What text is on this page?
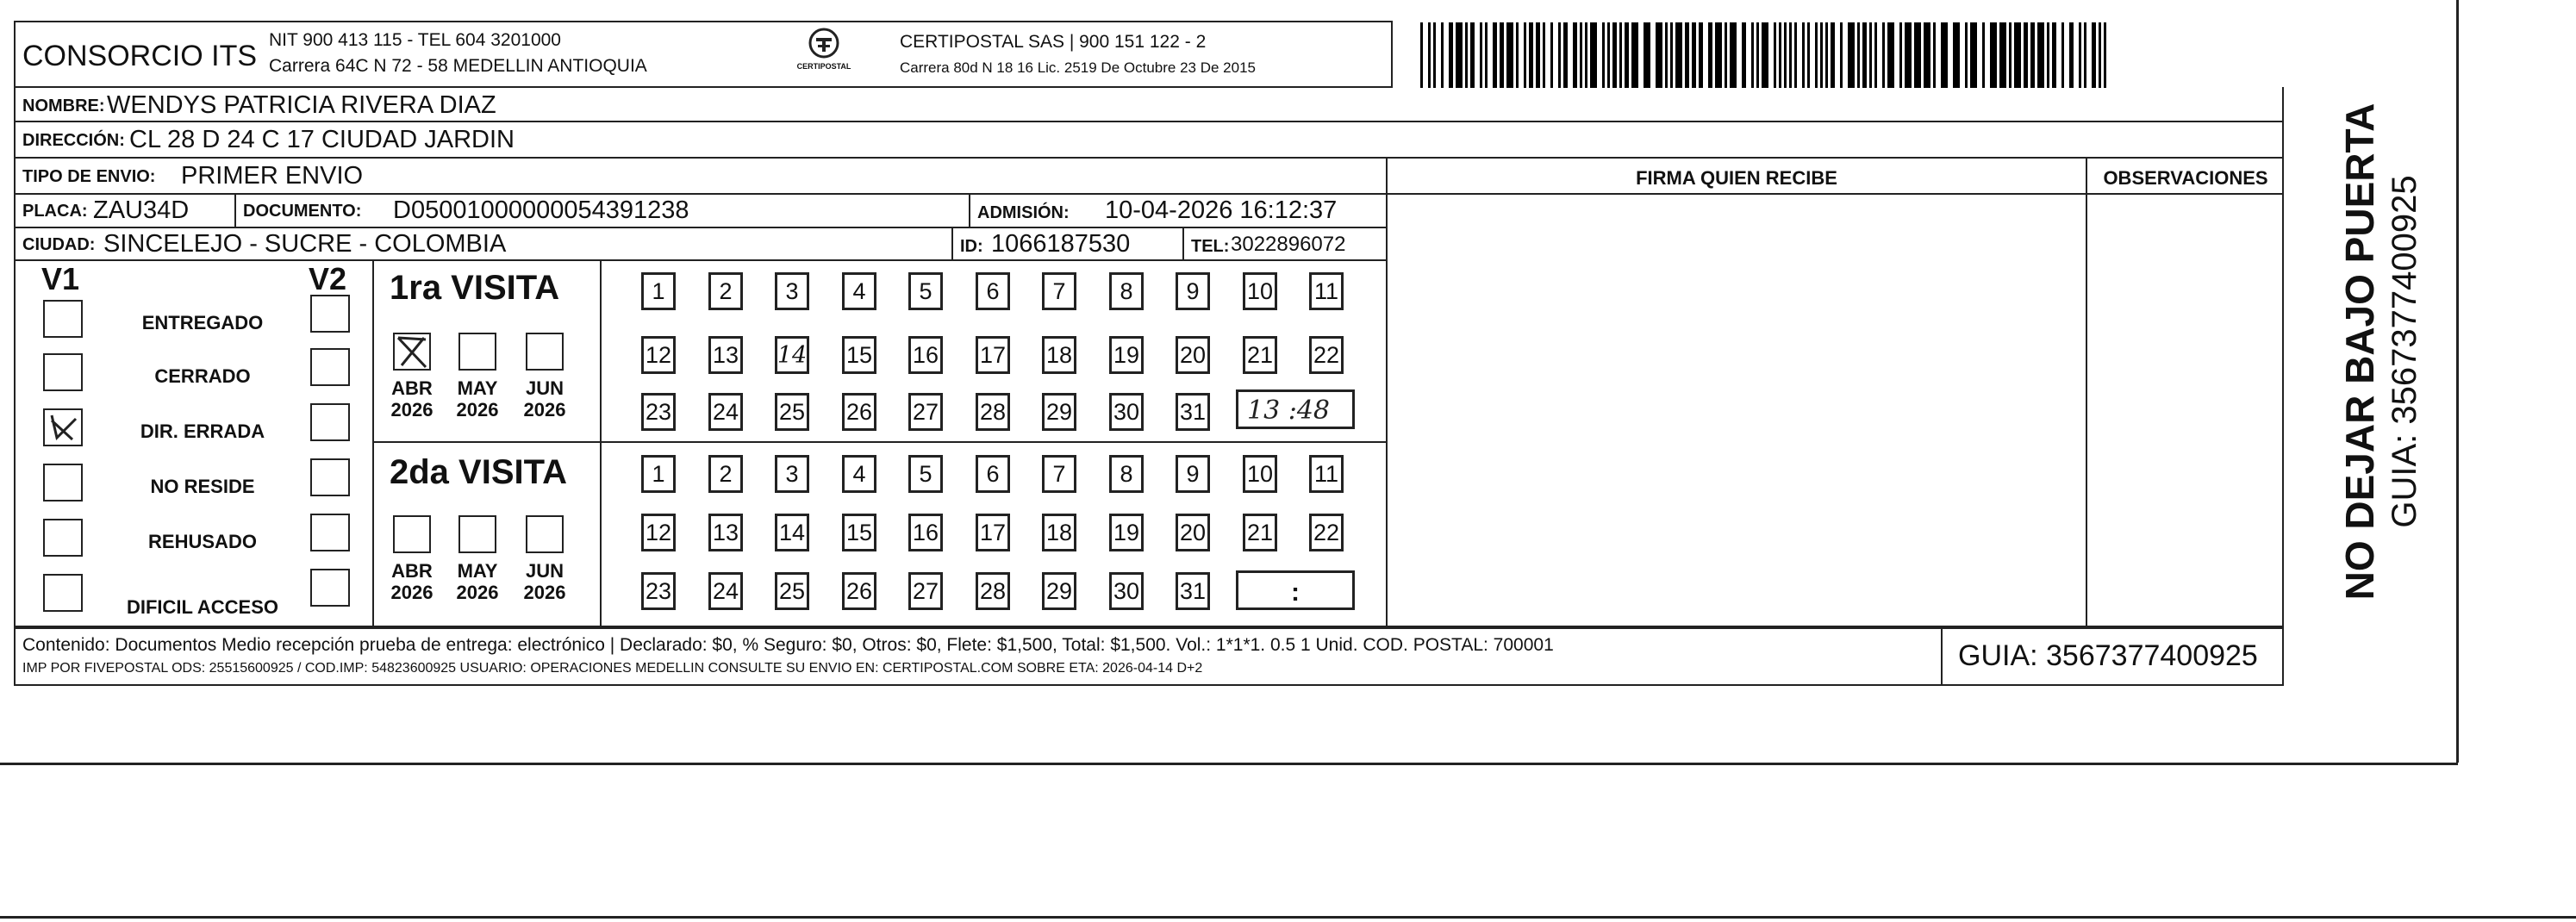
CONSORCIO ITS NIT 900 413 115 - TEL 604 3201000
Carrera 64C N 72 - 58 MEDELLIN ANTIOQUIA	CERTIPOSTAL
CERTIPOSTAL SAS | 900 151 122 - 2
Carrera 80d N 18 16 Lic. 2519 De Octubre 23 De 2015
NOMBRE: WENDYS PATRICIA RIVERA DIAZ
DIRECCIÓN: CL 28 D 24 C 17 CIUDAD JARDIN
TIPO DE ENVIO: PRIMER ENVIO
PLACA: ZAU34D	DOCUMENTO: D05001000000054391238	ADMISIÓN: 10-04-2026 16:12:37
CIUDAD: SINCELEJO - SUCRE - COLOMBIA	ID: 1066187530	TEL: 3022896072
FIRMA QUIEN RECIBE	OBSERVACIONES
V1	V2
ENTREGADO
CERRADO
DIR. ERRADA
NO RESIDE
REHUSADO
DIFICIL ACCESO
1ra VISITA
2da VISITA
ABR
2026
MAY
2026
JUN
2026
ABR
2026
MAY
2026
JUN
2026
1 2 3 4 5 6 7 8 9 10 11
12 13 14 15 16 17 18 19 20 21 22
23 24 25 26 27 28 29 30 31
1 2 3 4 5 6 7 8 9 10 11
12 13 14 15 16 17 18 19 20 21 22
23 24 25 26 27 28 29 30 31
13 :48
:
Contenido: Documentos Medio recepción prueba de entrega: electrónico | Declarado: $0, % Seguro: $0, Otros: $0, Flete: $1,500, Total: $1,500. Vol.: 1*1*1. 0.5 1 Unid. COD. POSTAL: 700001
IMP POR FIVEPOSTAL ODS: 25515600925 / COD.IMP: 54823600925 USUARIO: OPERACIONES MEDELLIN CONSULTE SU ENVIO EN: CERTIPOSTAL.COM SOBRE ETA: 2026-04-14 D+2	GUIA: 3567377400925
NO DEJAR BAJO PUERTA GUIA: 3567377400925
